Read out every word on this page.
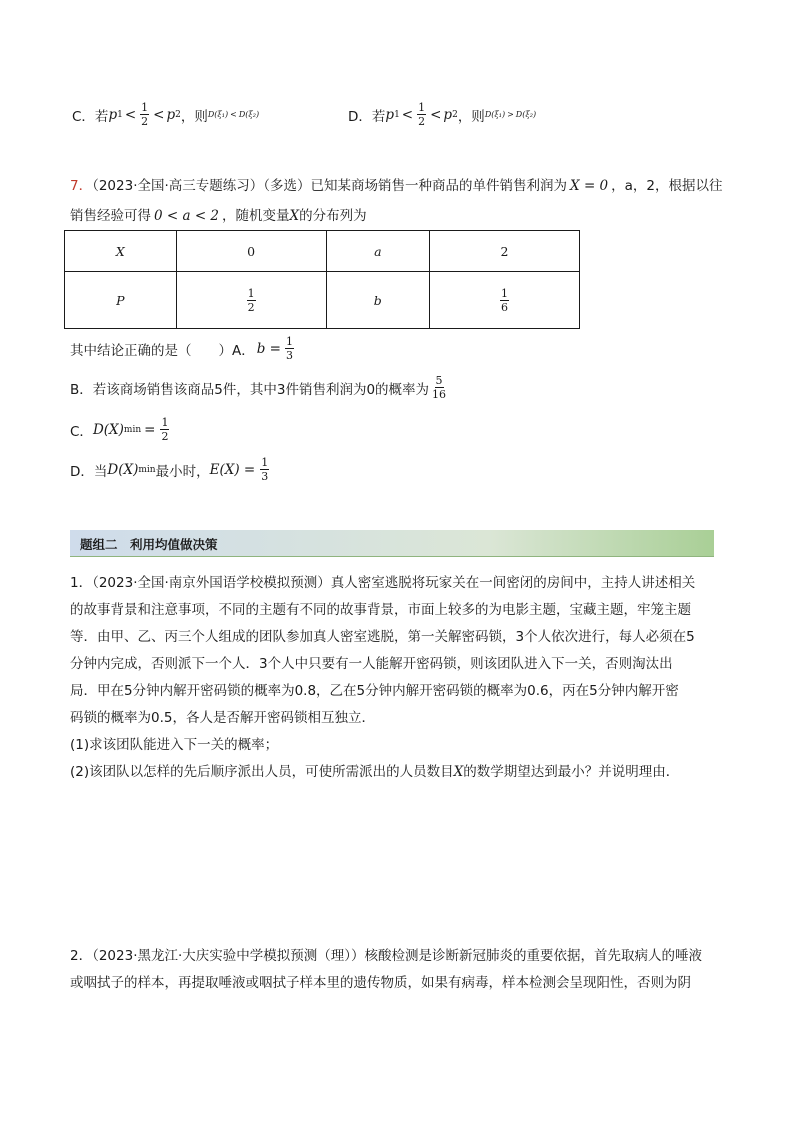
C．若 p $1 < \frac{1}{2} < p$ 2 ，则 D(ξ₁) < D(ξ₂)	D．若 p $1 < \frac{1}{2} < p$ 2 ，则 D(ξ₁) > D(ξ₂)
7．（2023·全国·高三专题练习）（多选）已知某商场销售一种商品的单件销售利润为 X = 0 ，a，2，根据以往
销售经验可得 0 < a < 2 ，随机变量X的分布列为
X	0	a	2
P	$\frac{1}{2}$	b	$\frac{1}{6}$
其中结论正确的是（　　）A． $b = \frac{1}{3}$
B．若该商场销售该商品5件，其中3件销售利润为0的概率为 $\frac{5}{16}$
C． D(X) $\min = \frac{1}{2}$
D．当 D(X) min 最小时， $E(X) = \frac{1}{3}$
题组二　利用均值做决策
1．（2023·全国·南京外国语学校模拟预测）真人密室逃脱将玩家关在一间密闭的房间中，主持人讲述相关
的故事背景和注意事项，不同的主题有不同的故事背景，市面上较多的为电影主题，宝藏主题，牢笼主题
等．由甲、乙、丙三个人组成的团队参加真人密室逃脱，第一关解密码锁，3个人依次进行，每人必须在5
分钟内完成，否则派下一个人．3个人中只要有一人能解开密码锁，则该团队进入下一关，否则淘汰出
局．甲在5分钟内解开密码锁的概率为0.8，乙在5分钟内解开密码锁的概率为0.6，丙在5分钟内解开密
码锁的概率为0.5，各人是否解开密码锁相互独立．
(1)求该团队能进入下一关的概率；
(2)该团队以怎样的先后顺序派出人员，可使所需派出的人员数目X的数学期望达到最小？并说明理由．
2．（2023·黑龙江·大庆实验中学模拟预测（理））核酸检测是诊断新冠肺炎的重要依据，首先取病人的唾液
或咽拭子的样本，再提取唾液或咽拭子样本里的遗传物质，如果有病毒，样本检测会呈现阳性，否则为阴
